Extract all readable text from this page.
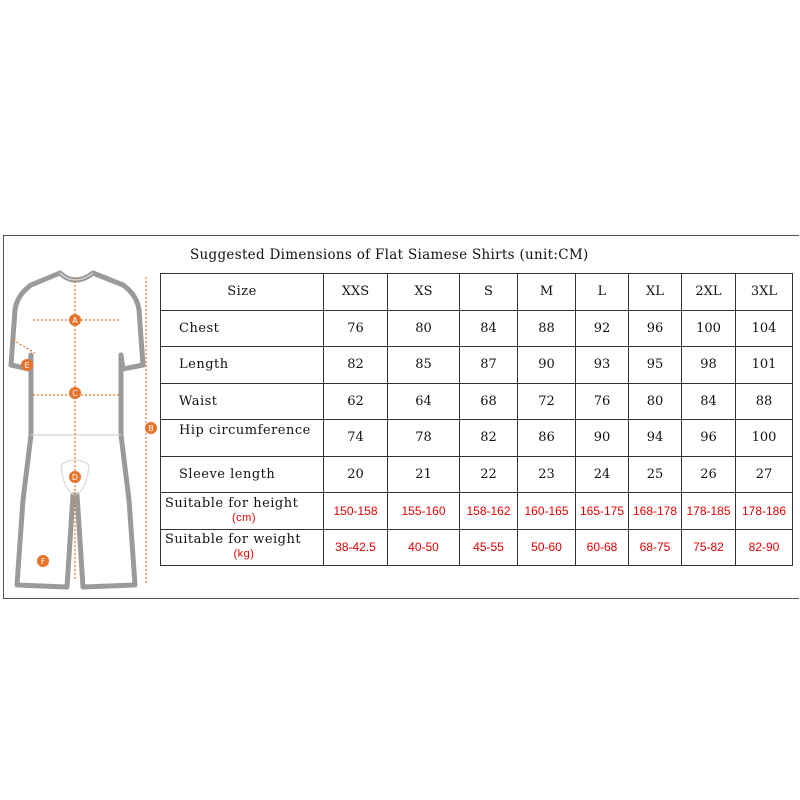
A
B
C
D
E
F
Suggested Dimensions of Flat Siamese Shirts (unit:CM)
Size	XXS	XS	S	M	L	XL	2XL	3XL
Chest	76	80	84	88	92	96	100	104
Length	82	85	87	90	93	95	98	101
Waist	62	64	68	72	76	80	84	88
Hip circumference	74	78	82	86	90	94	96	100
Sleeve length	20	21	22	23	24	25	26	27

Suitable for height
(cm)	150-158	155-160	158-162	160-165	165-175	168-178	178-185	178-186

Suitable for weight
(kg)	38-42.5	40-50	45-55	50-60	60-68	68-75	75-82	82-90
